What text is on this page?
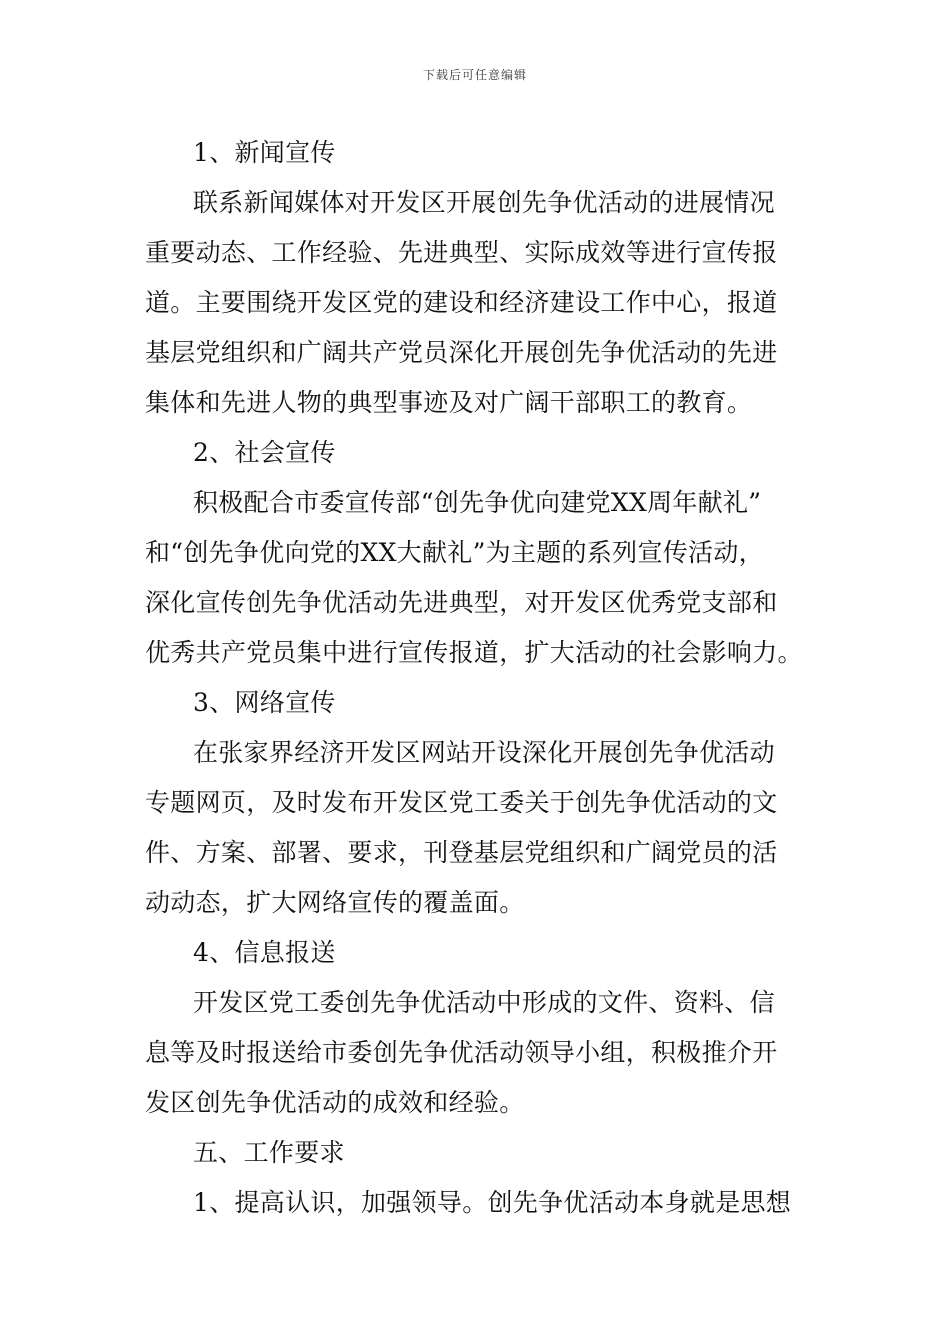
下载后可任意编辑
1、新闻宣传
联系新闻媒体对开发区开展创先争优活动的进展情况
重要动态、工作经验、先进典型、实际成效等进行宣传报
道。主要围绕开发区党的建设和经济建设工作中心，报道
基层党组织和广阔共产党员深化开展创先争优活动的先进
集体和先进人物的典型事迹及对广阔干部职工的教育。
2、社会宣传
积极配合市委宣传部“创先争优向建党XX周年献礼”
和“创先争优向党的XX大献礼”为主题的系列宣传活动，
深化宣传创先争优活动先进典型，对开发区优秀党支部和
优秀共产党员集中进行宣传报道，扩大活动的社会影响力。
3、网络宣传
在张家界经济开发区网站开设深化开展创先争优活动
专题网页，及时发布开发区党工委关于创先争优活动的文
件、方案、部署、要求，刊登基层党组织和广阔党员的活
动动态，扩大网络宣传的覆盖面。
4、信息报送
开发区党工委创先争优活动中形成的文件、资料、信
息等及时报送给市委创先争优活动领导小组，积极推介开
发区创先争优活动的成效和经验。
五、工作要求
1、提高认识，加强领导。创先争优活动本身就是思想
